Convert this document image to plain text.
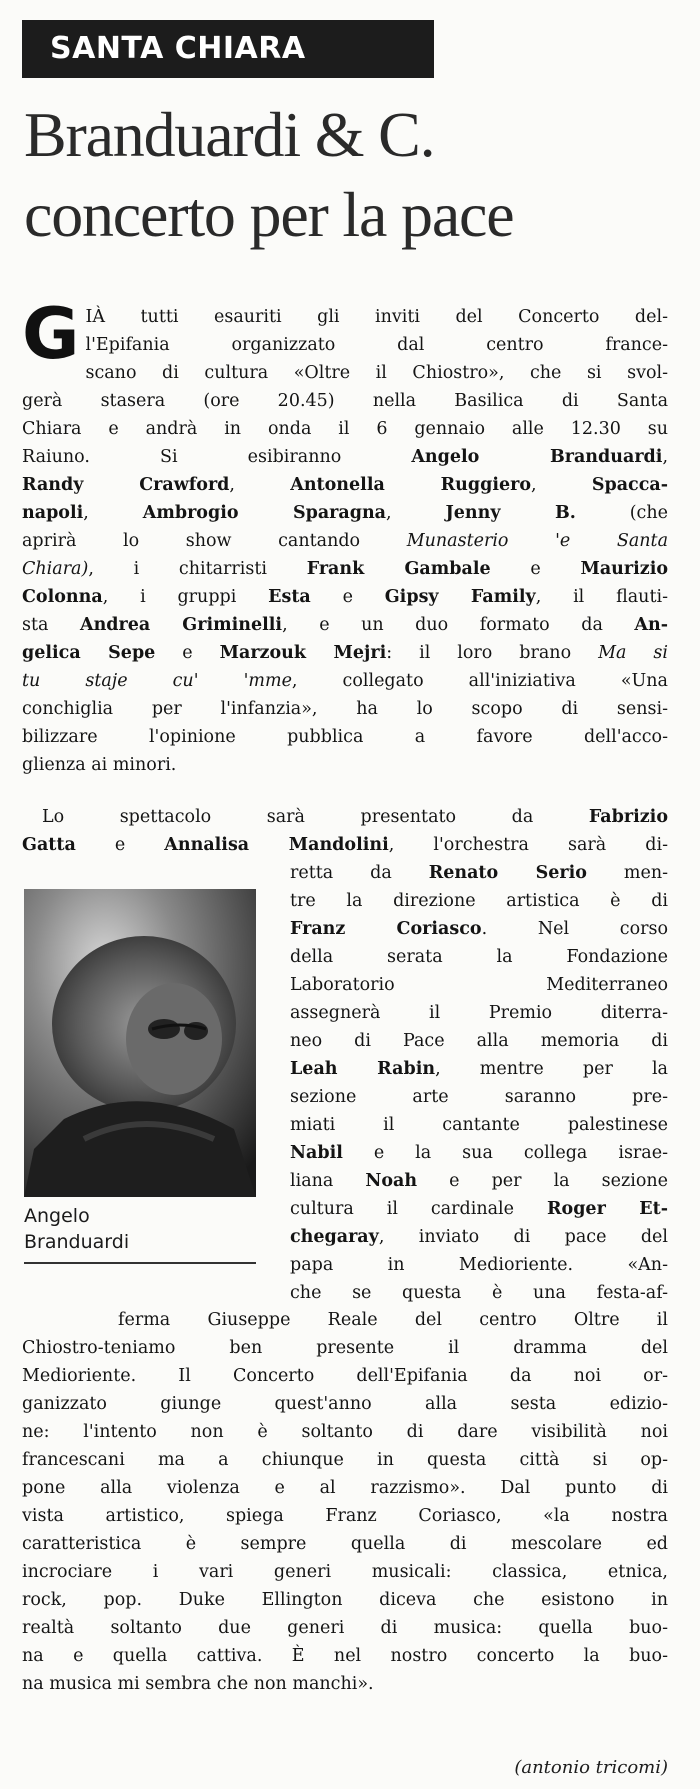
SANTA CHIARA
Branduardi & C.
concerto per la pace
G IÀ tutti esauriti gli inviti del Concerto del-
l'Epifania organizzato dal centro france-
scano di cultura «Oltre il Chiostro», che si svol-
gerà stasera (ore 20.45) nella Basilica di Santa
Chiara e andrà in onda il 6 gennaio alle 12.30 su
Raiuno. Si esibiranno Angelo Branduardi,
Randy Crawford, Antonella Ruggiero, Spacca-
napoli, Ambrogio Sparagna, Jenny B. (che
aprirà lo show cantando Munasterio 'e Santa
Chiara), i chitarristi Frank Gambale e Maurizio
Colonna, i gruppi Esta e Gipsy Family, il flauti-
sta Andrea Griminelli, e un duo formato da An-
gelica Sepe e Marzouk Mejri: il loro brano Ma si
tu staje cu' 'mme, collegato all'iniziativa «Una
conchiglia per l'infanzia», ha lo scopo di sensi-
bilizzare l'opinione pubblica a favore dell'acco-
glienza ai minori.
Lo spettacolo sarà presentato da Fabrizio
Gatta e Annalisa Mandolini, l'orchestra sarà di-
Angelo
Branduardi
retta da Renato Serio men-
tre la direzione artistica è di
Franz Coriasco. Nel corso
della serata la Fondazione
Laboratorio Mediterraneo
assegnerà il Premio diterra-
neo di Pace alla memoria di
Leah Rabin, mentre per la
sezione arte saranno pre-
miati il cantante palestinese
Nabil e la sua collega israe-
liana Noah e per la sezione
cultura il cardinale Roger Et-
chegaray, inviato di pace del
papa in Medioriente. «An-
che se questa è una festa-af-
ferma Giuseppe Reale del centro Oltre il
Chiostro-teniamo ben presente il dramma del
Medioriente. Il Concerto dell'Epifania da noi or-
ganizzato giunge quest'anno alla sesta edizio-
ne: l'intento non è soltanto di dare visibilità noi
francescani ma a chiunque in questa città si op-
pone alla violenza e al razzismo». Dal punto di
vista artistico, spiega Franz Coriasco, «la nostra
caratteristica è sempre quella di mescolare ed
incrociare i vari generi musicali: classica, etnica,
rock, pop. Duke Ellington diceva che esistono in
realtà soltanto due generi di musica: quella buo-
na e quella cattiva. È nel nostro concerto la buo-
na musica mi sembra che non manchi».
(antonio tricomi)
